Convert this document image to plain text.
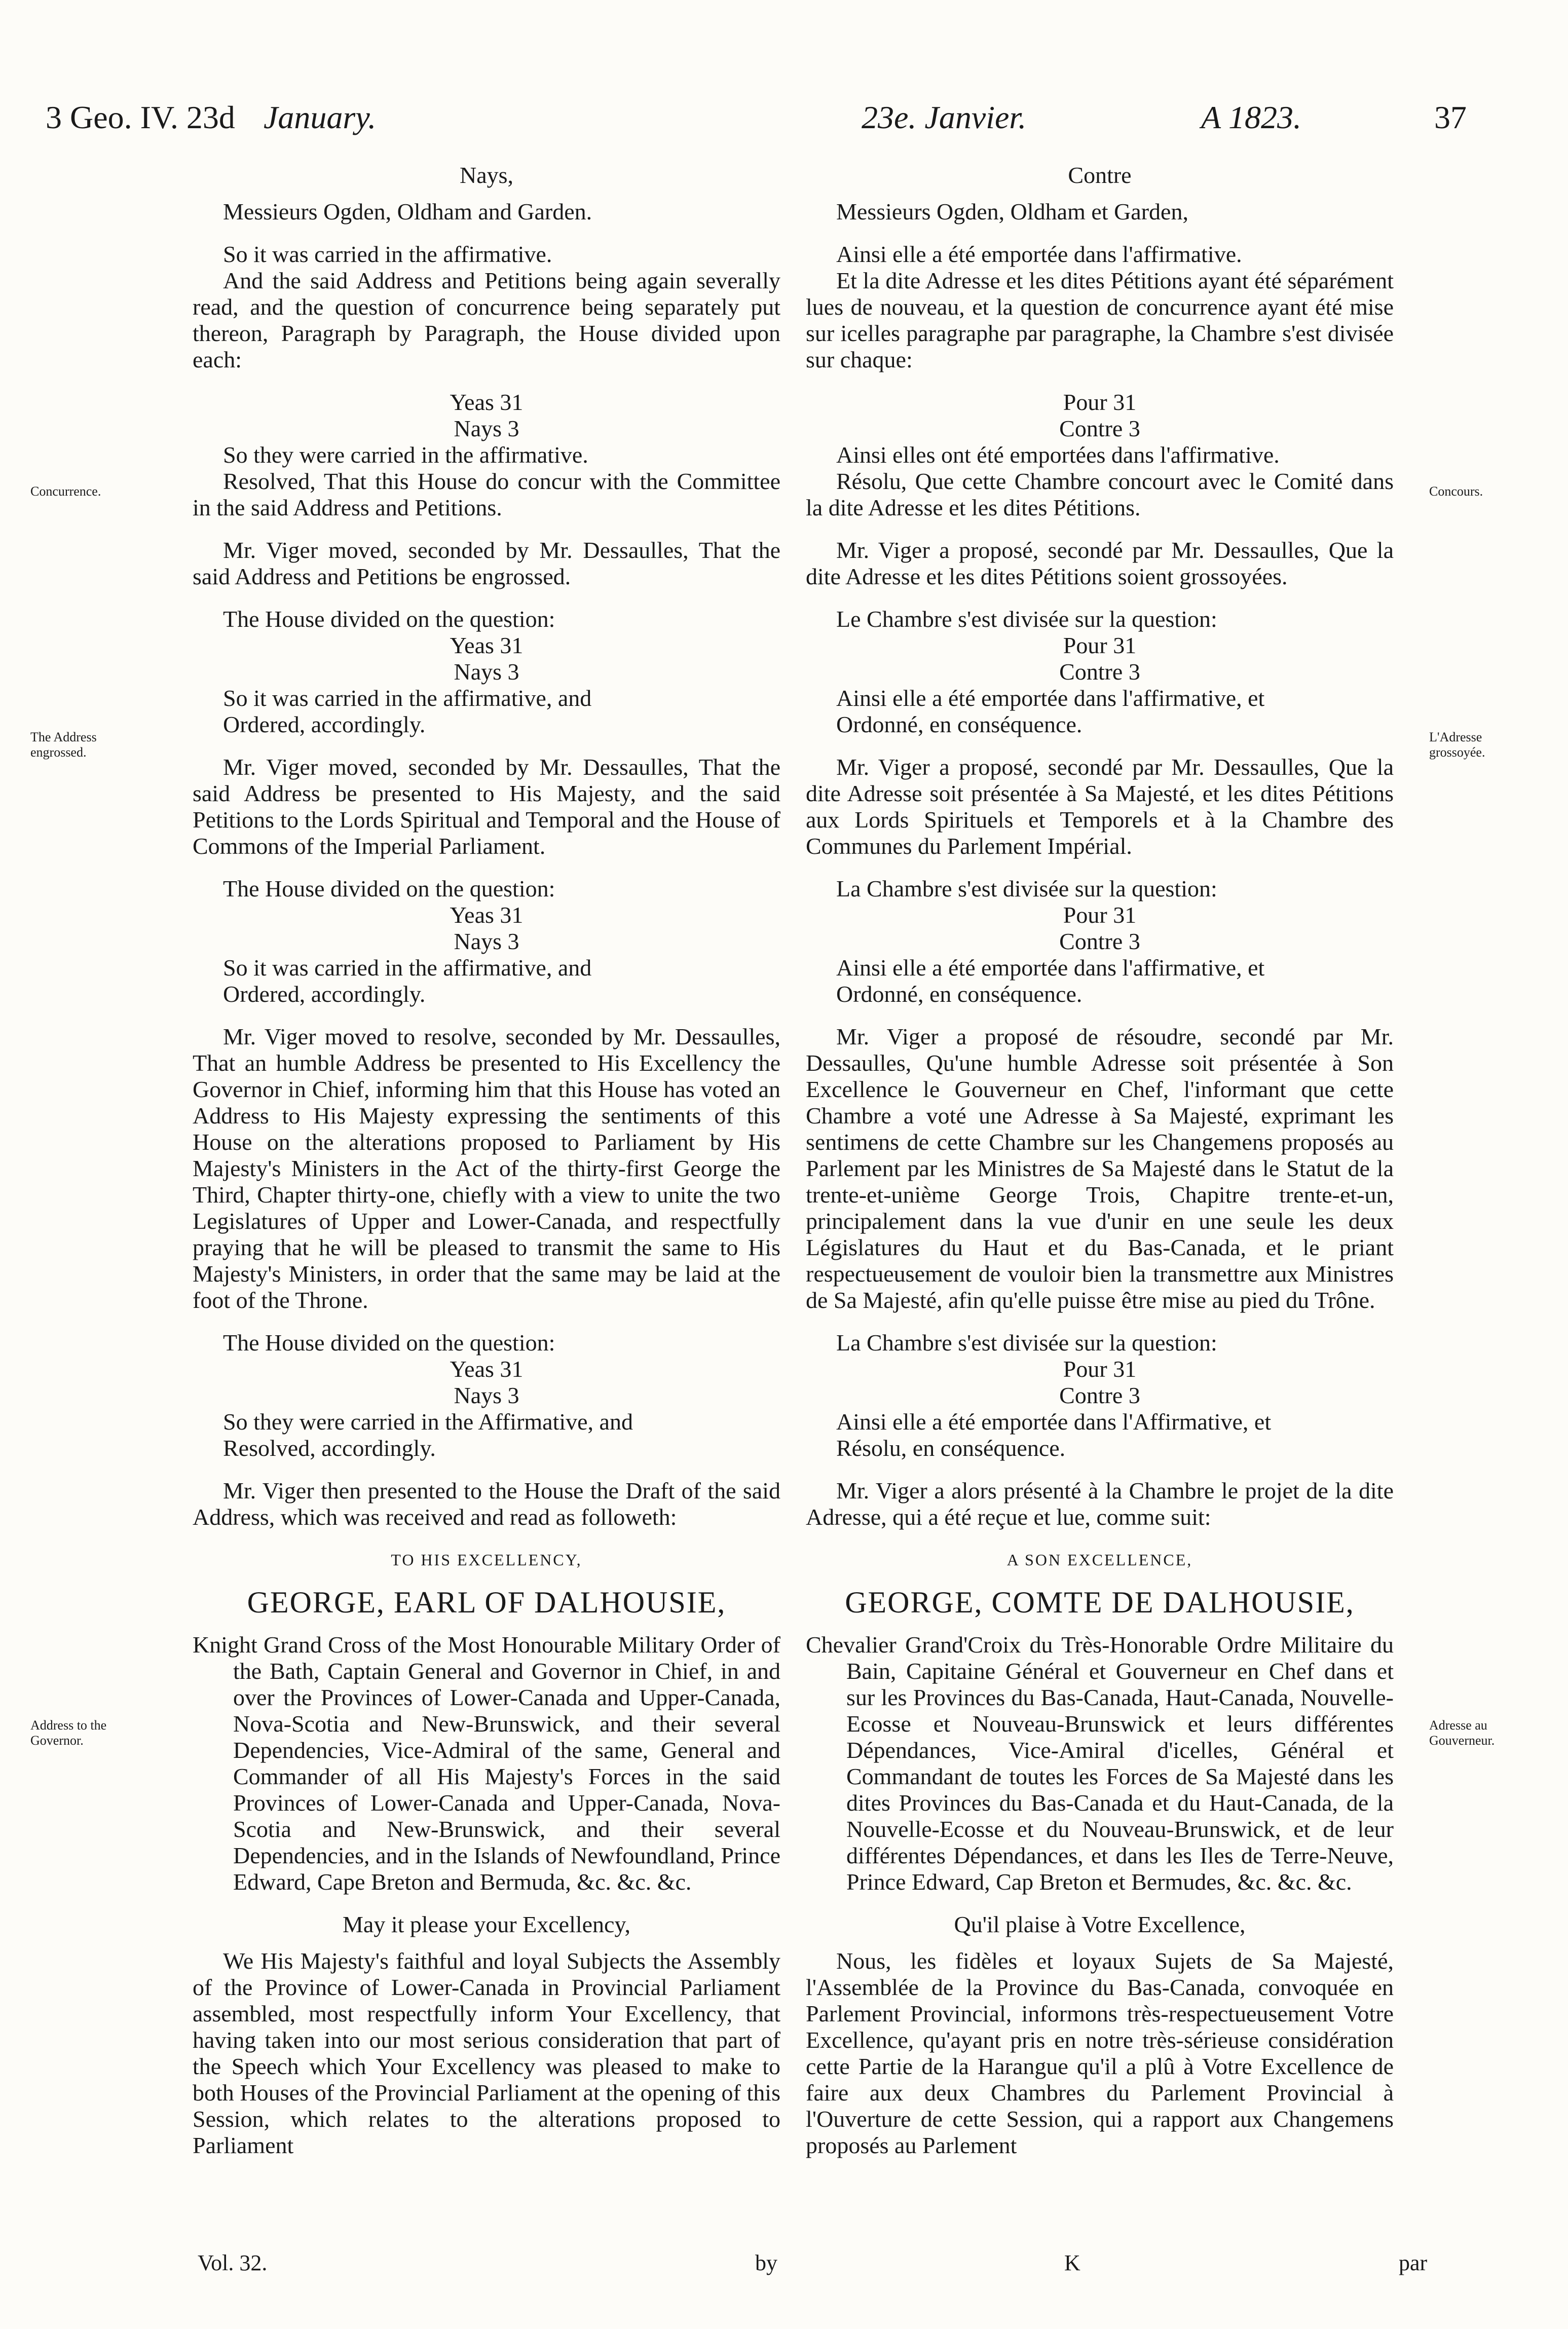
3 Geo. IV. 23d January.	23e. Janvier.	A 1823.	37
Concurrence.
The Address engrossed.
Address to the Governor.
Concours.
L'Adresse grossoyée.
Adresse au Gouverneur.

Nays,

Messieurs Ogden, Oldham and Garden.

So it was carried in the affirmative.

And the said Address and Petitions being again severally read, and the question of concurrence being separately put thereon, Paragraph by Paragraph, the House divided upon each:

Yeas 31

Nays 3

So they were carried in the affirmative.

Resolved, That this House do concur with the Committee in the said Address and Petitions.

Mr. Viger moved, seconded by Mr. Dessaulles, That the said Address and Petitions be engrossed.

The House divided on the question:

Yeas 31

Nays 3

So it was carried in the affirmative, and

Ordered, accordingly.

Mr. Viger moved, seconded by Mr. Dessaulles, That the said Address be presented to His Majesty, and the said Petitions to the Lords Spiritual and Temporal and the House of Commons of the Imperial Parliament.

The House divided on the question:

Yeas 31

Nays 3

So it was carried in the affirmative, and

Ordered, accordingly.

Mr. Viger moved to resolve, seconded by Mr. Dessaulles, That an humble Address be presented to His Excellency the Governor in Chief, informing him that this House has voted an Address to His Majesty expressing the sentiments of this House on the alterations proposed to Parliament by His Majesty's Ministers in the Act of the thirty-first George the Third, Chapter thirty-one, chiefly with a view to unite the two Legislatures of Upper and Lower-Canada, and respectfully praying that he will be pleased to transmit the same to His Majesty's Ministers, in order that the same may be laid at the foot of the Throne.

The House divided on the question:

Yeas 31

Nays 3

So they were carried in the Affirmative, and

Resolved, accordingly.

Mr. Viger then presented to the House the Draft of the said Address, which was received and read as followeth:

TO HIS EXCELLENCY,

GEORGE, EARL OF DALHOUSIE,

Knight Grand Cross of the Most Honourable Military Order of the Bath, Captain General and Governor in Chief, in and over the Provinces of Lower-Canada and Upper-Canada, Nova-Scotia and New-Brunswick, and their several Dependencies, Vice-Admiral of the same, General and Commander of all His Majesty's Forces in the said Provinces of Lower-Canada and Upper-Canada, Nova-Scotia and New-Brunswick, and their several Dependencies, and in the Islands of Newfoundland, Prince Edward, Cape Breton and Bermuda, &c. &c. &c.

May it please your Excellency,

We His Majesty's faithful and loyal Subjects the Assembly of the Province of Lower-Canada in Provincial Parliament assembled, most respectfully inform Your Excellency, that having taken into our most serious consideration that part of the Speech which Your Excellency was pleased to make to both Houses of the Provincial Parliament at the opening of this Session, which relates to the alterations proposed to Parliament

Contre

Messieurs Ogden, Oldham et Garden,

Ainsi elle a été emportée dans l'affirmative.

Et la dite Adresse et les dites Pétitions ayant été séparément lues de nouveau, et la question de concurrence ayant été mise sur icelles paragraphe par paragraphe, la Chambre s'est divisée sur chaque:

Pour 31

Contre 3

Ainsi elles ont été emportées dans l'affirmative.

Résolu, Que cette Chambre concourt avec le Comité dans la dite Adresse et les dites Pétitions.

Mr. Viger a proposé, secondé par Mr. Dessaulles, Que la dite Adresse et les dites Pétitions soient grossoyées.

Le Chambre s'est divisée sur la question:

Pour 31

Contre 3

Ainsi elle a été emportée dans l'affirmative, et

Ordonné, en conséquence.

Mr. Viger a proposé, secondé par Mr. Dessaulles, Que la dite Adresse soit présentée à Sa Majesté, et les dites Pétitions aux Lords Spirituels et Temporels et à la Chambre des Communes du Parlement Impérial.

La Chambre s'est divisée sur la question:

Pour 31

Contre 3

Ainsi elle a été emportée dans l'affirmative, et

Ordonné, en conséquence.

Mr. Viger a proposé de résoudre, secondé par Mr. Dessaulles, Qu'une humble Adresse soit présentée à Son Excellence le Gouverneur en Chef, l'informant que cette Chambre a voté une Adresse à Sa Majesté, exprimant les sentimens de cette Chambre sur les Changemens proposés au Parlement par les Ministres de Sa Majesté dans le Statut de la trente-et-unième George Trois, Chapitre trente-et-un, principalement dans la vue d'unir en une seule les deux Législatures du Haut et du Bas-Canada, et le priant respectueusement de vouloir bien la transmettre aux Ministres de Sa Majesté, afin qu'elle puisse être mise au pied du Trône.

La Chambre s'est divisée sur la question:

Pour 31

Contre 3

Ainsi elle a été emportée dans l'Affirmative, et

Résolu, en conséquence.

Mr. Viger a alors présenté à la Chambre le projet de la dite Adresse, qui a été reçue et lue, comme suit:

A SON EXCELLENCE,

GEORGE, COMTE DE DALHOUSIE,

Chevalier Grand'Croix du Très-Honorable Ordre Militaire du Bain, Capitaine Général et Gouverneur en Chef dans et sur les Provinces du Bas-Canada, Haut-Canada, Nouvelle-Ecosse et Nouveau-Brunswick et leurs différentes Dépendances, Vice-Amiral d'icelles, Général et Commandant de toutes les Forces de Sa Majesté dans les dites Provinces du Bas-Canada et du Haut-Canada, de la Nouvelle-Ecosse et du Nouveau-Brunswick, et de leur différentes Dépendances, et dans les Iles de Terre-Neuve, Prince Edward, Cap Breton et Bermudes, &c. &c. &c.

Qu'il plaise à Votre Excellence,

Nous, les fidèles et loyaux Sujets de Sa Majesté, l'Assemblée de la Province du Bas-Canada, convoquée en Parlement Provincial, informons très-respectueusement Votre Excellence, qu'ayant pris en notre très-sérieuse considération cette Partie de la Harangue qu'il a plû à Votre Excellence de faire aux deux Chambres du Parlement Provincial à l'Ouverture de cette Session, qui a rapport aux Changemens proposés au Parlement

Vol. 32.	by	K	par
